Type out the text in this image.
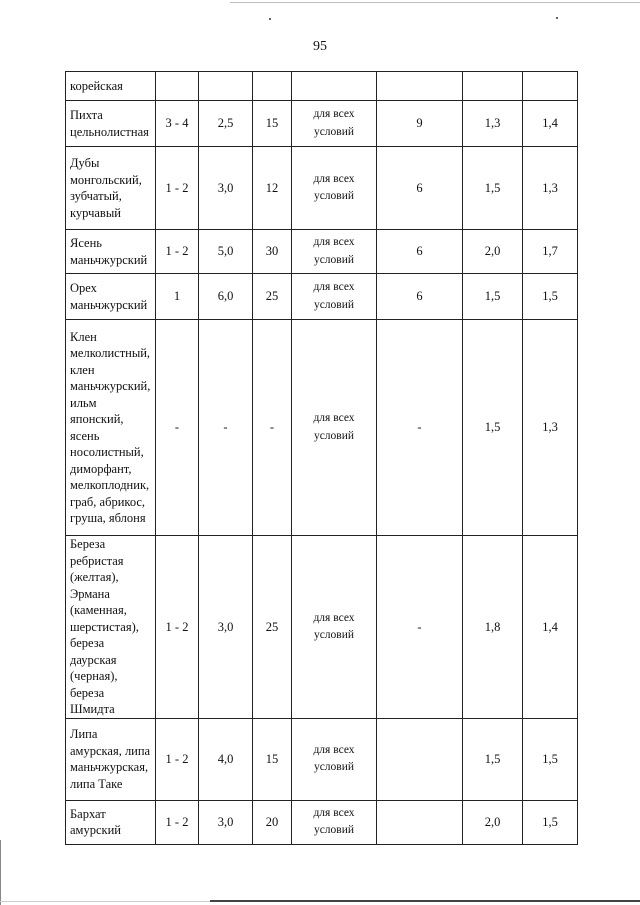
95
корейская							
Пихта цельнолистная	3 - 4	2,5	15	для всех условий	9	1,3	1,4
Дубы монгольский, зубчатый, курчавый	1 - 2	3,0	12	для всех условий	6	1,5	1,3
Ясень маньчжурский	1 - 2	5,0	30	для всех условий	6	2,0	1,7
Орех маньчжурский	1	6,0	25	для всех условий	6	1,5	1,5
Клен мелколистный, клен маньчжурский, ильм японский, ясень носолистный, диморфант, мелкоплодник, граб, абрикос, груша, яблоня	-	-	-	для всех условий	-	1,5	1,3
Береза ребристая (желтая), Эрмана (каменная, шерстистая), береза даурская (черная), береза Шмидта	1 - 2	3,0	25	для всех условий	-	1,8	1,4
Липа амурская, липа маньчжурская, липа Таке	1 - 2	4,0	15	для всех условий		1,5	1,5
Бархат амурский	1 - 2	3,0	20	для всех условий		2,0	1,5
